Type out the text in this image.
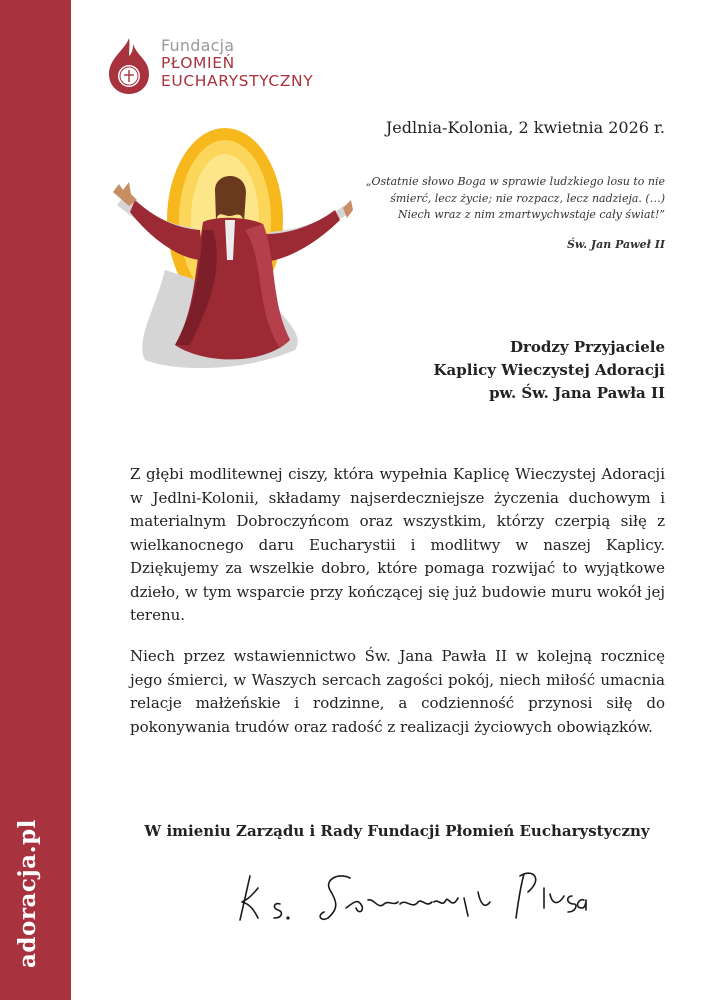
adoracja.pl
Fundacja
PŁOMIEŃ
EUCHARYSTYCZNY
Jedlnia-Kolonia, 2 kwietnia 2026 r.
„Ostatnie słowo Boga w sprawie ludzkiego losu to nie
śmierć, lecz życie; nie rozpacz, lecz nadzieja. (…)
Niech wraz z nim zmartwychwstaje cały świat!”
Św. Jan Paweł II
Drodzy Przyjaciele
Kaplicy Wieczystej Adoracji
pw. Św. Jana Pawła II
Z głębi modlitewnej ciszy, która wypełnia Kaplicę Wieczystej Adoracji w Jedlni-Kolonii, składamy najserdeczniejsze życzenia duchowym i materialnym Dobroczyńcom oraz wszystkim, którzy czerpią siłę z wielkanocnego daru Eucharystii i modlitwy w naszej Kaplicy. Dziękujemy za wszelkie dobro, które pomaga rozwijać to wyjątkowe dzieło, w tym wsparcie przy kończącej się już budowie muru wokół jej terenu.
Niech przez wstawiennictwo Św. Jana Pawła II w kolejną rocznicę jego śmierci, w Waszych sercach zagości pokój, niech miłość umacnia relacje małżeńskie i rodzinne, a codzienność przynosi siłę do pokonywania trudów oraz radość z realizacji życiowych obowiązków.
W imieniu Zarządu i Rady Fundacji Płomień Eucharystyczny
